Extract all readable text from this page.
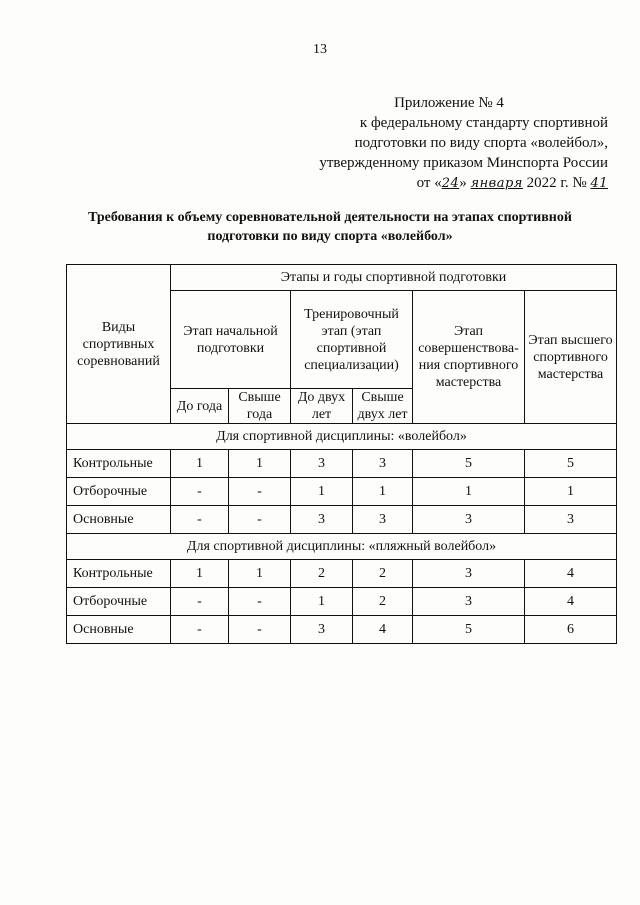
13
Приложение № 4
к федеральному стандарту спортивной
подготовки по виду спорта «волейбол»,
утвержденному приказом Минспорта России
от «24» января 2022 г. № 41
Требования к объему соревновательной деятельности на этапах спортивной
подготовки по виду спорта «волейбол»
Виды спортивных соревнований	Этапы и годы спортивной подготовки					
	Этап начальной подготовки		Тренировочный этап (этап спортивной специализации)		Этап совершенствова-ния спортивного мастерства	Этап высшего спортивного мастерства
	До года	Свыше года	До двух лет	Свыше двух лет		
Для спортивной дисциплины: «волейбол»						
Контрольные	1	1	3	3	5	5
Отборочные	-	-	1	1	1	1
Основные	-	-	3	3	3	3
Для спортивной дисциплины: «пляжный волейбол»						
Контрольные	1	1	2	2	3	4
Отборочные	-	-	1	2	3	4
Основные	-	-	3	4	5	6
